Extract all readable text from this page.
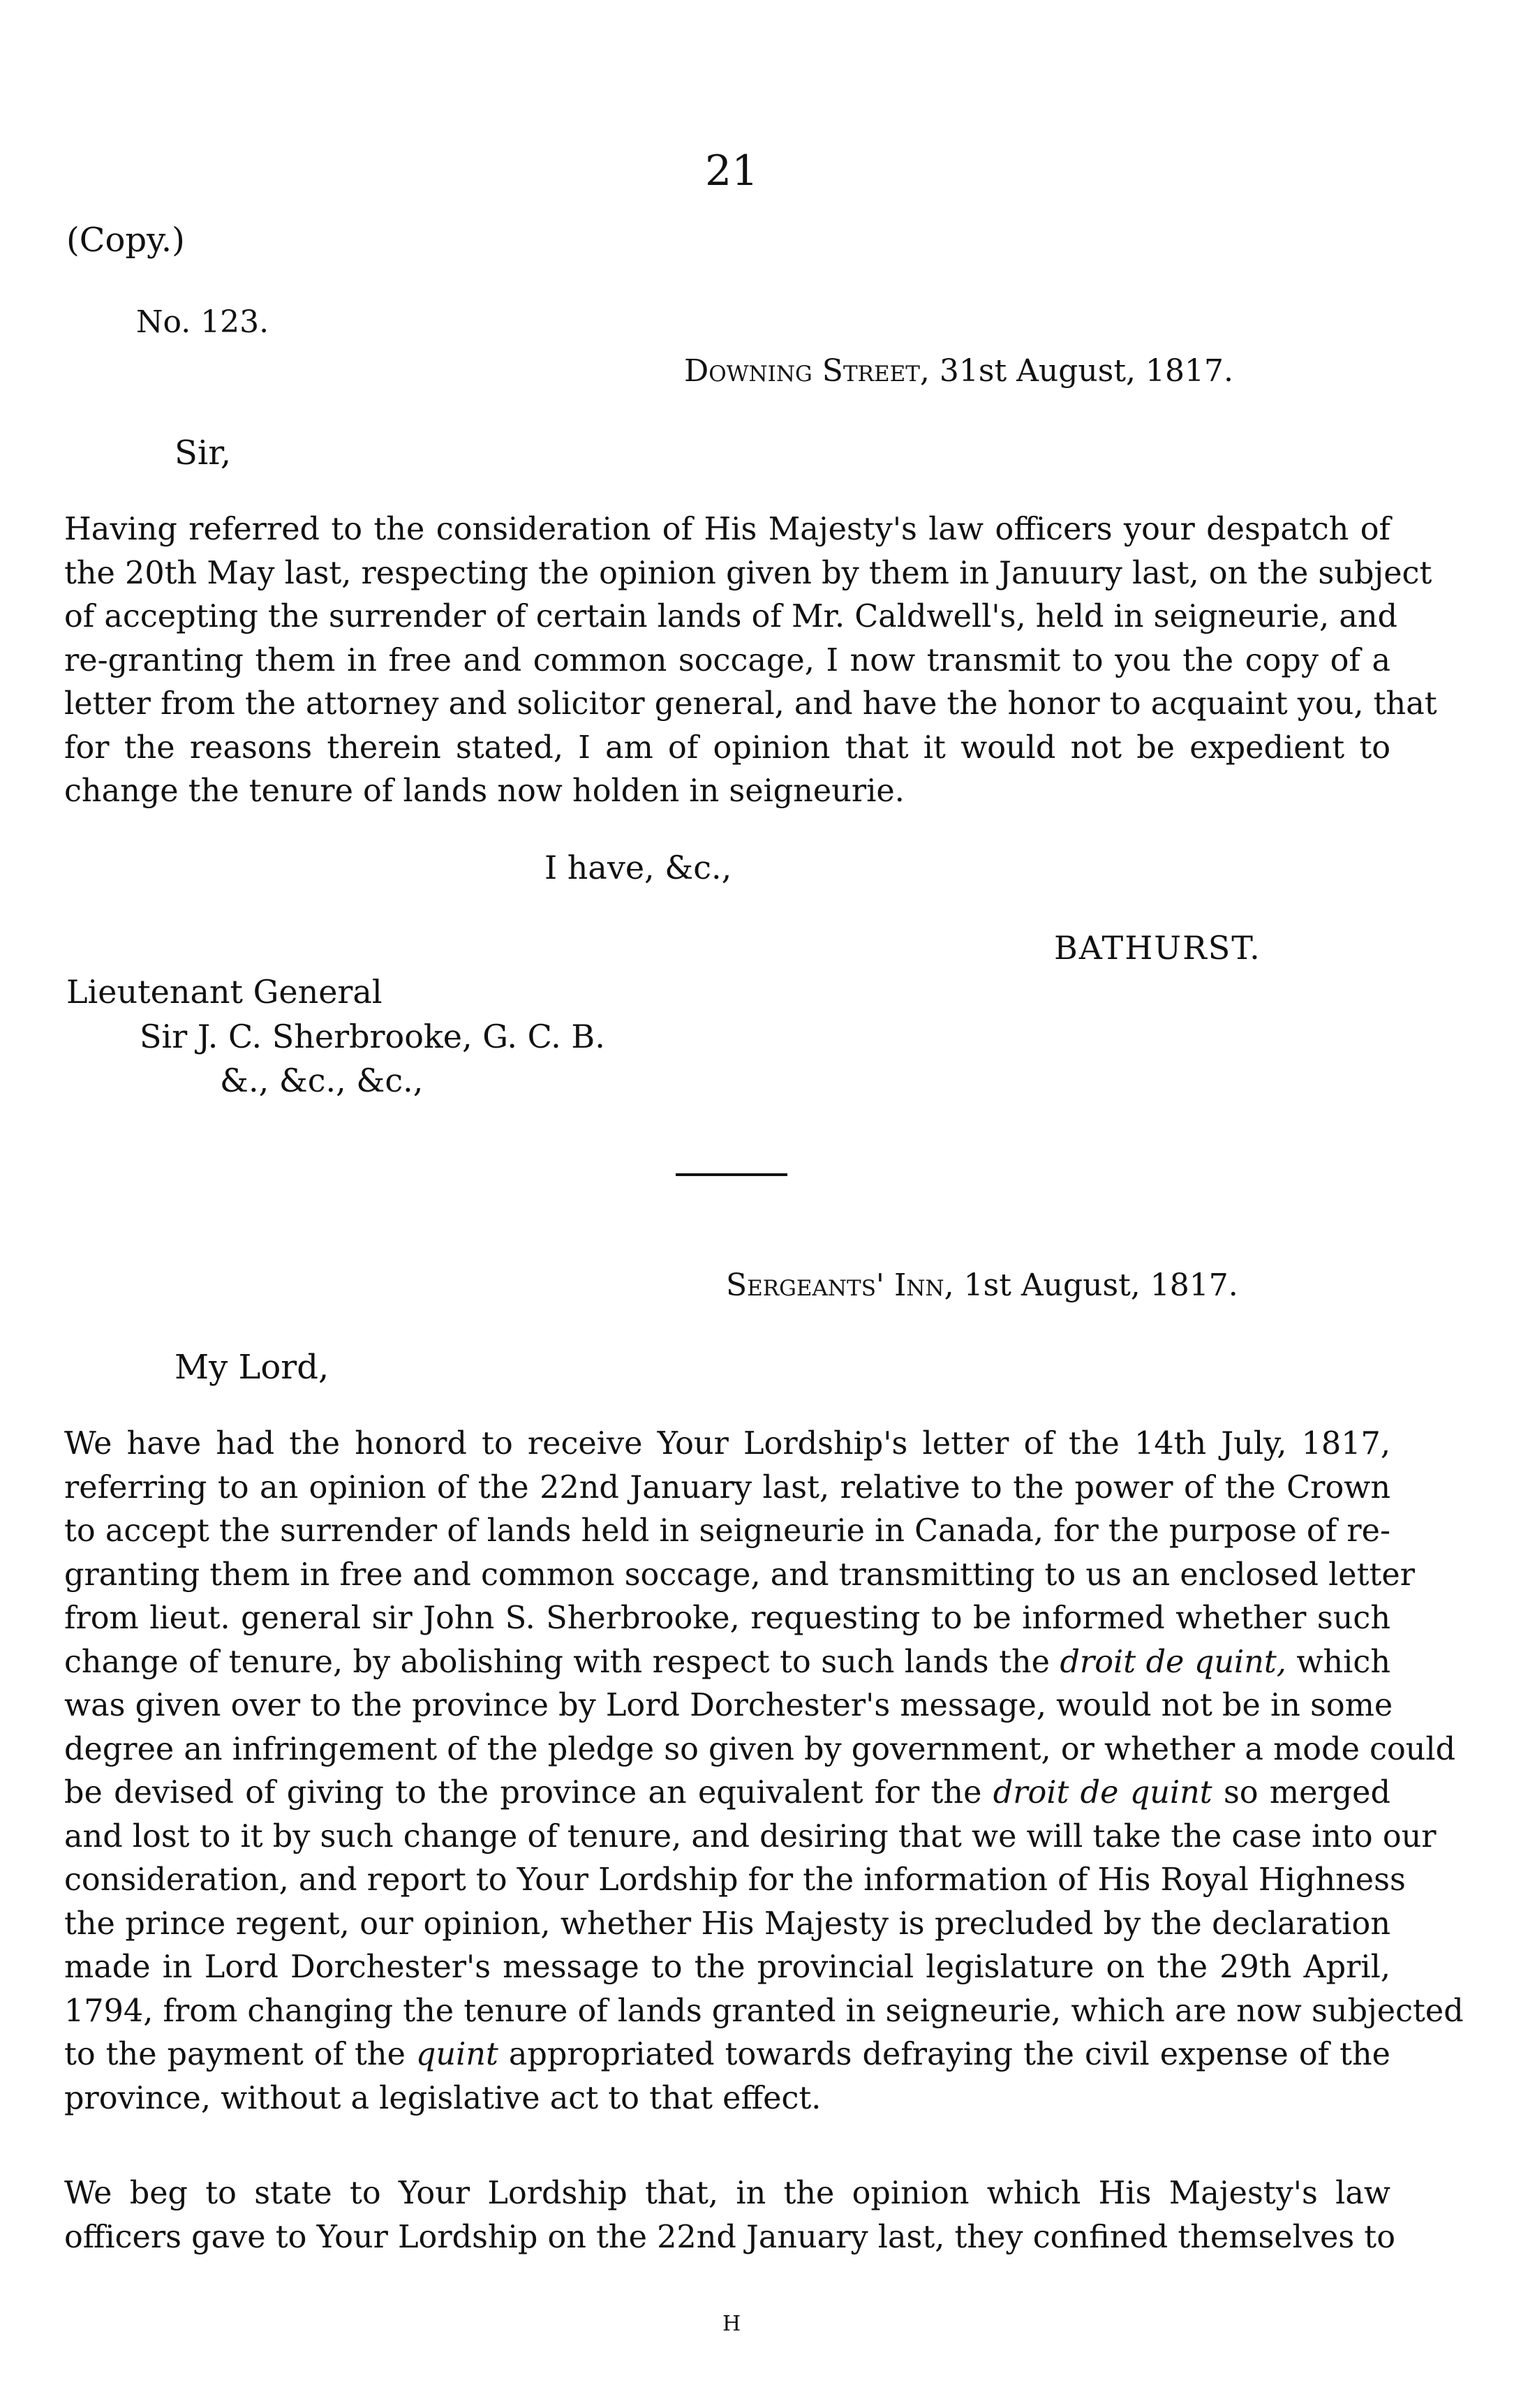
21
(Copy.)
No. 123.
Downing Street, 31st August, 1817.
Sir,
Having referred to the consideration of His Majesty's law officers your despatch of
the 20th May last, respecting the opinion given by them in Januury last, on the subject
of accepting the surrender of certain lands of Mr. Caldwell's, held in seigneurie, and
re-granting them in free and common soccage, I now transmit to you the copy of a
letter from the attorney and solicitor general, and have the honor to acquaint you, that
for the reasons therein stated, I am of opinion that it would not be expedient to
change the tenure of lands now holden in seigneurie.
I have, &c.,
BATHURST.
Lieutenant General
Sir J. C. Sherbrooke, G. C. B.
&., &c., &c.,
Sergeants' Inn, 1st August, 1817.
My Lord,
We have had the honord to receive Your Lordship's letter of the 14th July, 1817,
referring to an opinion of the 22nd January last, relative to the power of the Crown
to accept the surrender of lands held in seigneurie in Canada, for the purpose of re-
granting them in free and common soccage, and transmitting to us an enclosed letter
from lieut. general sir John S. Sherbrooke, requesting to be informed whether such
change of tenure, by abolishing with respect to such lands the droit de quint, which
was given over to the province by Lord Dorchester's message, would not be in some
degree an infringement of the pledge so given by government, or whether a mode could
be devised of giving to the province an equivalent for the droit de quint so merged
and lost to it by such change of tenure, and desiring that we will take the case into our
consideration, and report to Your Lordship for the information of His Royal Highness
the prince regent, our opinion, whether His Majesty is precluded by the declaration
made in Lord Dorchester's message to the provincial legislature on the 29th April,
1794, from changing the tenure of lands granted in seigneurie, which are now subjected
to the payment of the quint appropriated towards defraying the civil expense of the
province, without a legislative act to that effect.
We beg to state to Your Lordship that, in the opinion which His Majesty's law
officers gave to Your Lordship on the 22nd January last, they confined themselves to
H
